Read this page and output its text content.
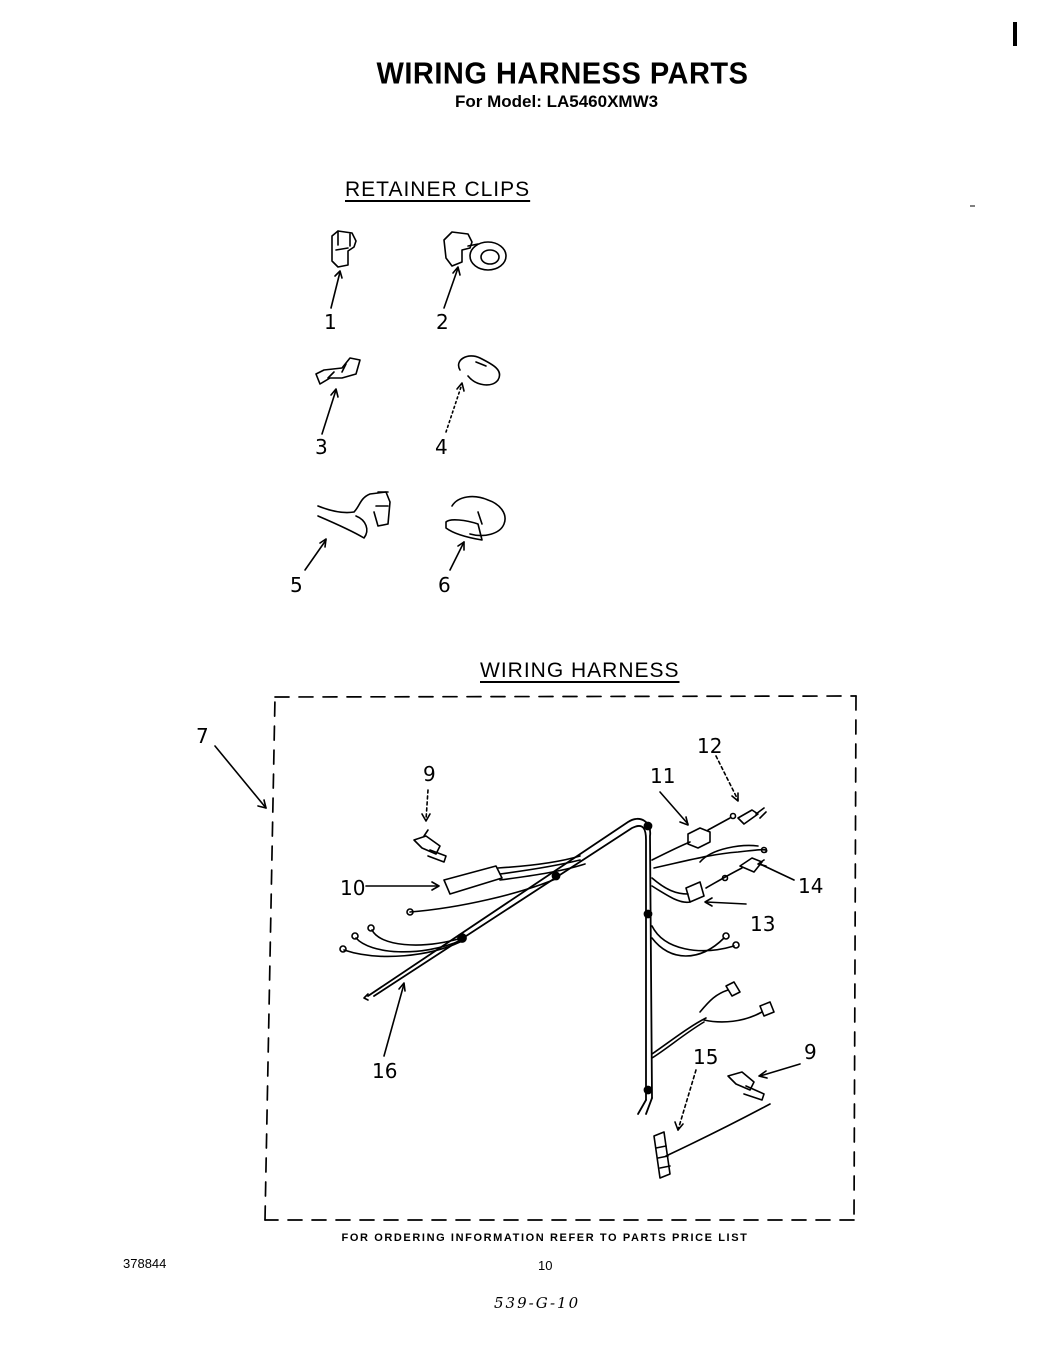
WIRING HARNESS PARTS
For Model: LA5460XMW3
RETAINER CLIPS
WIRING HARNESS
1	2
3	4
5	6
7
9
10
11
12
13
14
15	9
16
FOR ORDERING INFORMATION REFER TO PARTS PRICE LIST
378844	10
539-G-10
